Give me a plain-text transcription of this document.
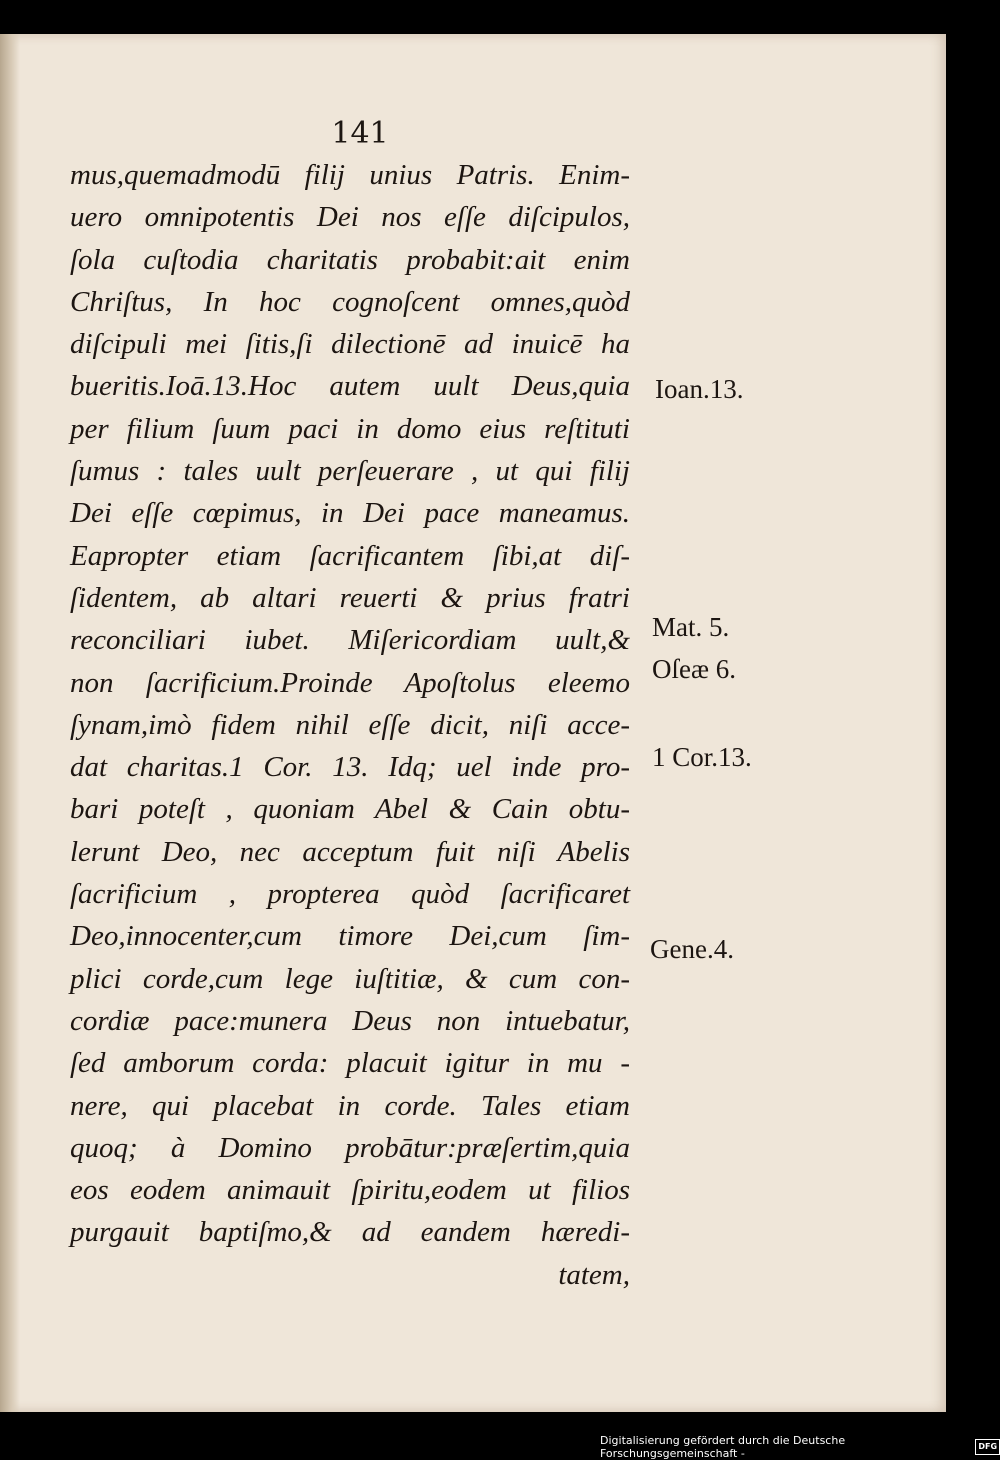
141
mus,quemadmodū filij unius Patris. Enim-
uero omnipotentis Dei nos eſſe diſcipulos,
ſola cuſtodia charitatis probabit:ait enim
Chriſtus, In hoc cognoſcent omnes,quòd
diſcipuli mei ſitis,ſi dilectionē ad inuicē ha
bueritis.Ioā.13.Hoc autem uult Deus,quia
per filium ſuum paci in domo eius reſtituti
ſumus : tales uult perſeuerare , ut qui filij
Dei eſſe cœpimus, in Dei pace maneamus.
Eapropter etiam ſacrificantem ſibi,at diſ-
ſidentem, ab altari reuerti & prius fratri
reconciliari iubet. Miſericordiam uult,&
non ſacrificium.Proinde Apoſtolus eleemo
ſynam,imò fidem nihil eſſe dicit, niſi acce-
dat charitas.1 Cor. 13. Idq; uel inde pro-
bari poteſt , quoniam Abel & Cain obtu-
lerunt Deo, nec acceptum fuit niſi Abelis
ſacrificium , propterea quòd ſacrificaret
Deo,innocenter,cum timore Dei,cum ſim-
plici corde,cum lege iuſtitiæ, & cum con-
cordiæ pace:munera Deus non intuebatur,
ſed amborum corda: placuit igitur in mu -
nere, qui placebat in corde. Tales etiam
quoq; à Domino probātur:præſertim,quia
eos eodem animauit ſpiritu,eodem ut filios
purgauit baptiſmo,& ad eandem hæredi-
tatem,
Ioan.13.
Mat. 5.
Oſeæ 6.
1 Cor.13.
Gene.4.
Digitalisierung gefördert durch die Deutsche Forschungsgemeinschaft -
DFG
